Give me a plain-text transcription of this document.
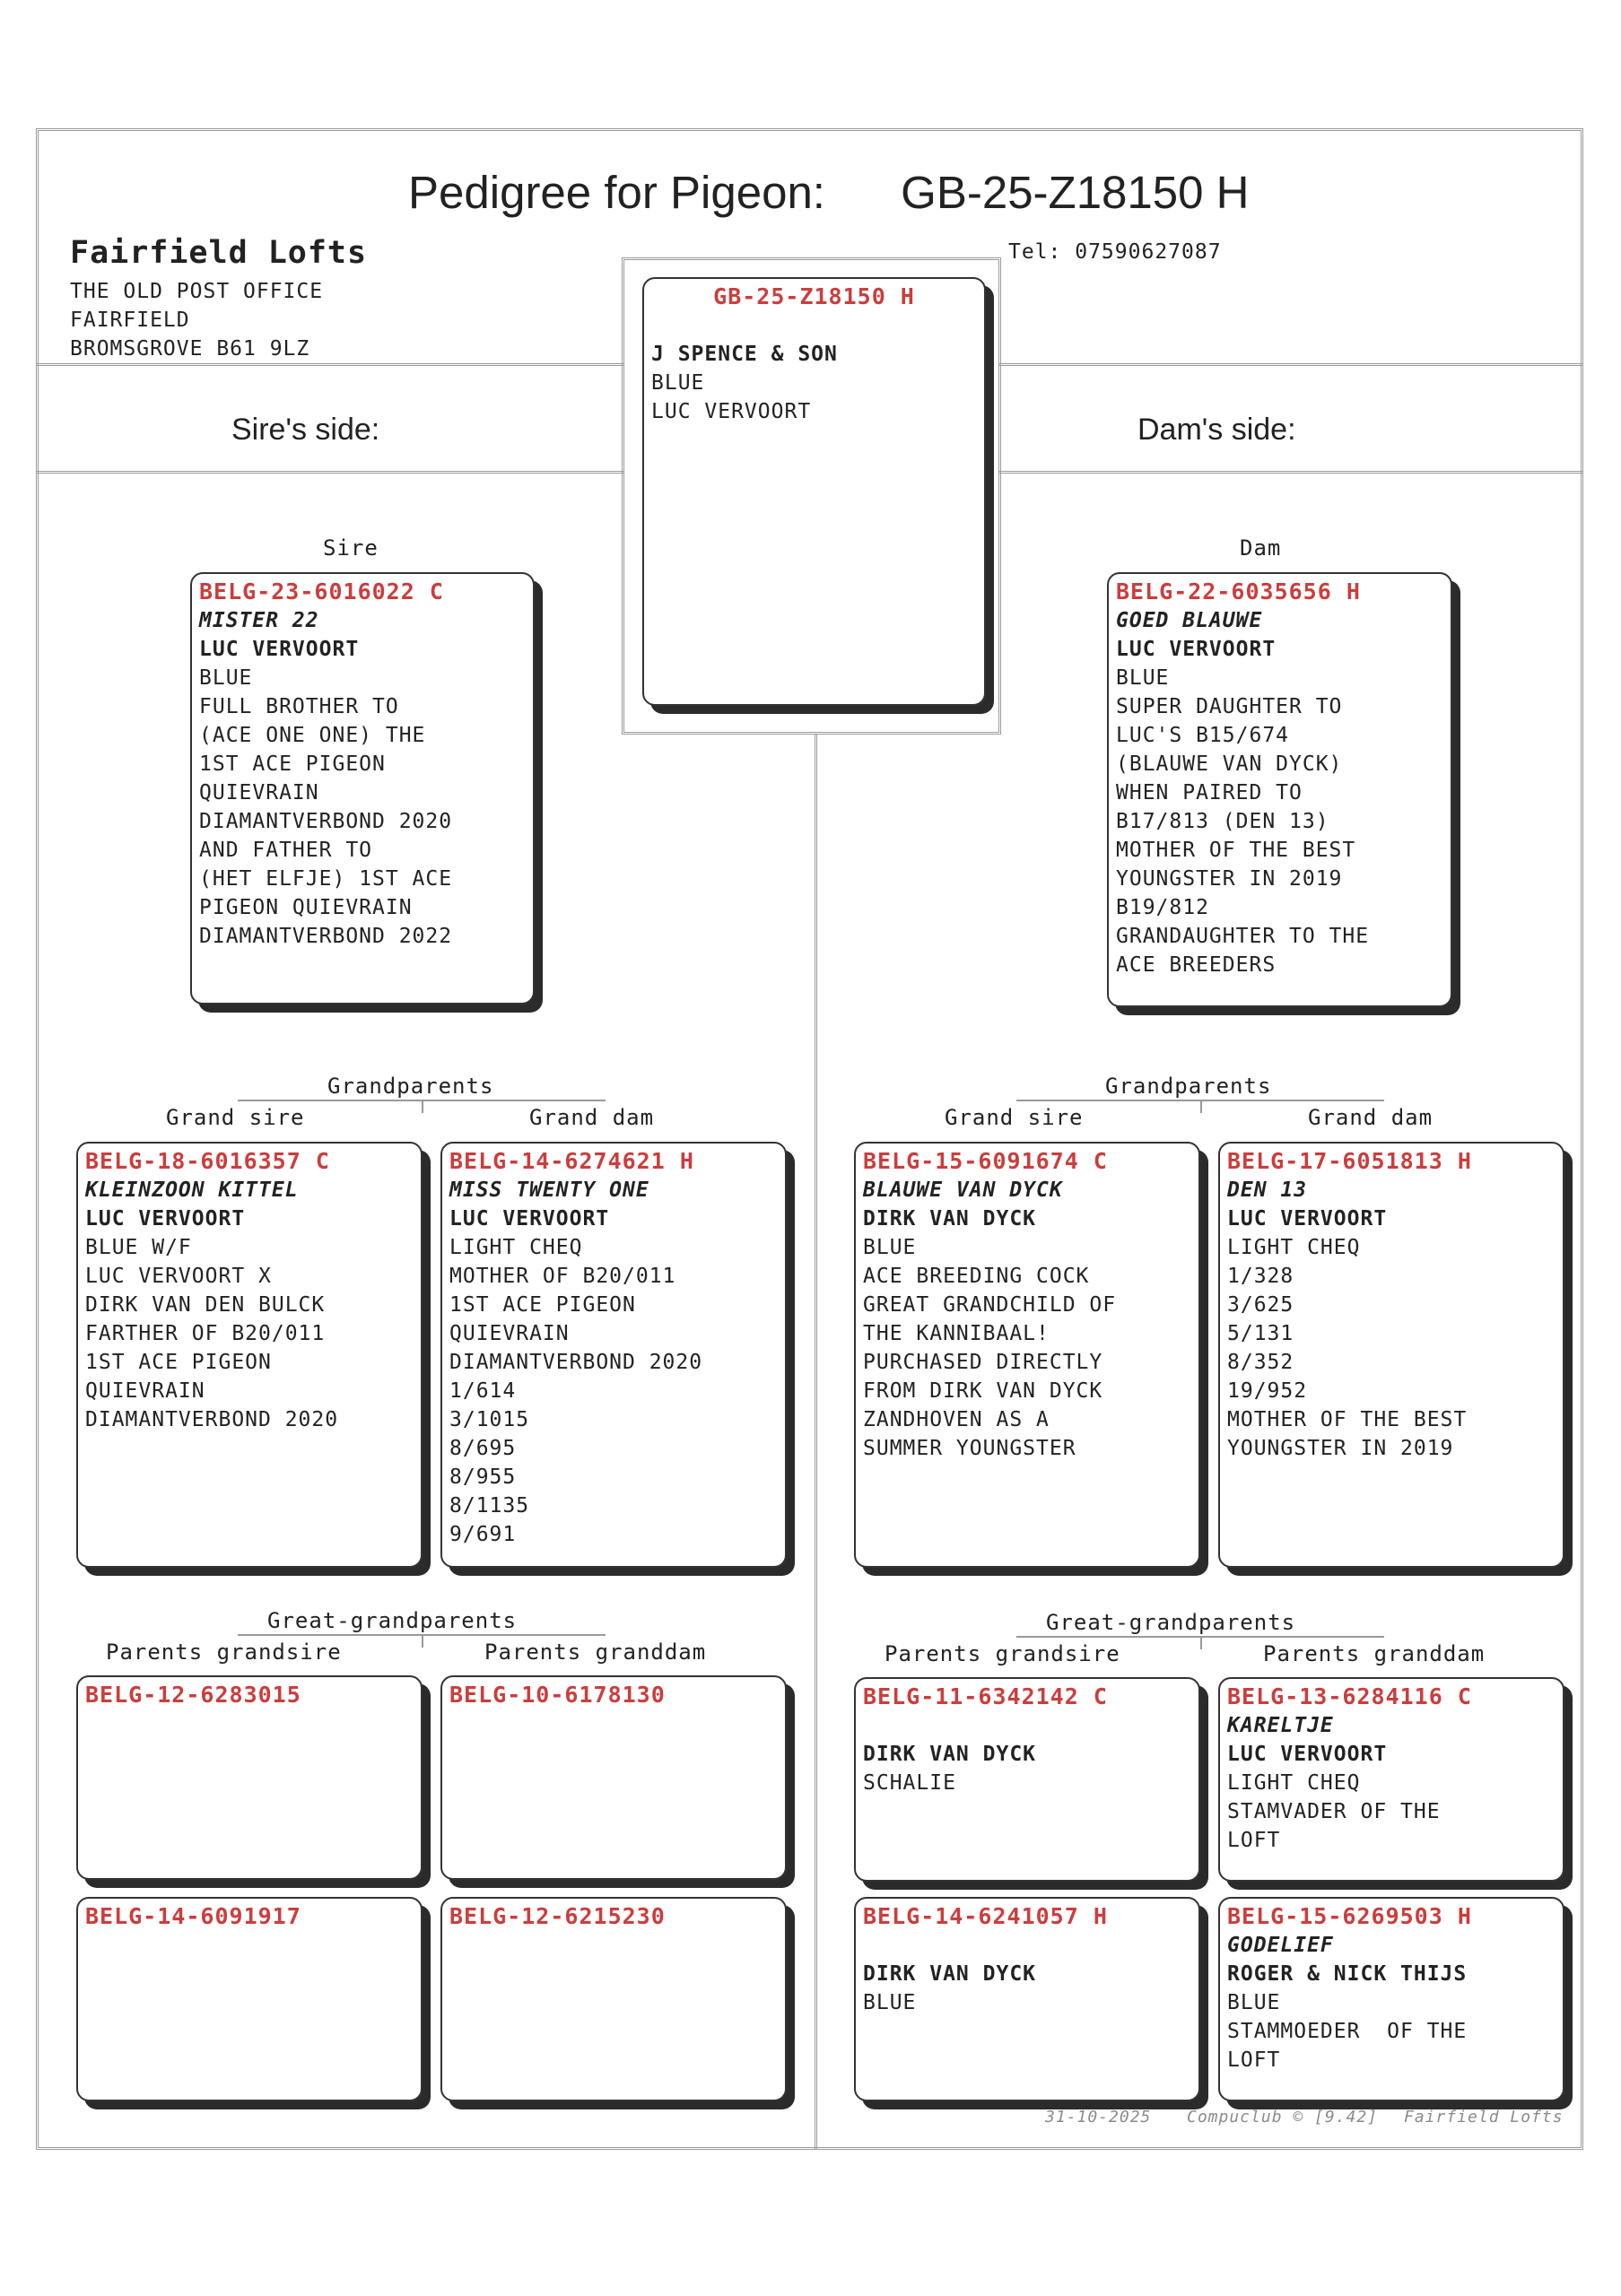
Pedigree for Pigeon: GB-25-Z18150 H
Fairfield Lofts
THE OLD POST OFFICE
FAIRFIELD
BROMSGROVE B61 9LZ
Tel: 07590627087
Sire's side:	Dam's side:
GB-25-Z18150 H
J SPENCE & SON
BLUE
LUC VERVOORT
Sire
BELG-23-6016022 C
MISTER 22
LUC VERVOORT
BLUE
FULL BROTHER TO
(ACE ONE ONE) THE
1ST ACE PIGEON
QUIEVRAIN
DIAMANTVERBOND 2020
AND FATHER TO
(HET ELFJE) 1ST ACE
PIGEON QUIEVRAIN
DIAMANTVERBOND 2022
Dam
BELG-22-6035656 H
GOED BLAUWE
LUC VERVOORT
BLUE
SUPER DAUGHTER TO
LUC'S B15/674
(BLAUWE VAN DYCK)
WHEN PAIRED TO
B17/813 (DEN 13)
MOTHER OF THE BEST
YOUNGSTER IN 2019
B19/812
GRANDAUGHTER TO THE
ACE BREEDERS
Grandparents
Grand sire	Grand dam
Grandparents
Grand sire	Grand dam
BELG-18-6016357 C
KLEINZOON KITTEL
LUC VERVOORT
BLUE W/F
LUC VERVOORT X
DIRK VAN DEN BULCK
FARTHER OF B20/011
1ST ACE PIGEON
QUIEVRAIN
DIAMANTVERBOND 2020
BELG-14-6274621 H
MISS TWENTY ONE
LUC VERVOORT
LIGHT CHEQ
MOTHER OF B20/011
1ST ACE PIGEON
QUIEVRAIN
DIAMANTVERBOND 2020
1/614
3/1015
8/695
8/955
8/1135
9/691
BELG-15-6091674 C
BLAUWE VAN DYCK
DIRK VAN DYCK
BLUE
ACE BREEDING COCK
GREAT GRANDCHILD OF
THE KANNIBAAL!
PURCHASED DIRECTLY
FROM DIRK VAN DYCK
ZANDHOVEN AS A
SUMMER YOUNGSTER
BELG-17-6051813 H
DEN 13
LUC VERVOORT
LIGHT CHEQ
1/328
3/625
5/131
8/352
19/952
MOTHER OF THE BEST
YOUNGSTER IN 2019
Great-grandparents
Parents grandsire	Parents granddam
Great-grandparents
Parents grandsire	Parents granddam
BELG-12-6283015	BELG-10-6178130
BELG-14-6091917	BELG-12-6215230
BELG-11-6342142 C
DIRK VAN DYCK
SCHALIE
BELG-13-6284116 C
KARELTJE
LUC VERVOORT
LIGHT CHEQ
STAMVADER OF THE
LOFT
BELG-14-6241057 H
DIRK VAN DYCK
BLUE
BELG-15-6269503 H
GODELIEF
ROGER & NICK THIJS
BLUE
STAMMOEDER  OF THE
LOFT
31-10-2025 Compuclub © [9.42] Fairfield Lofts
